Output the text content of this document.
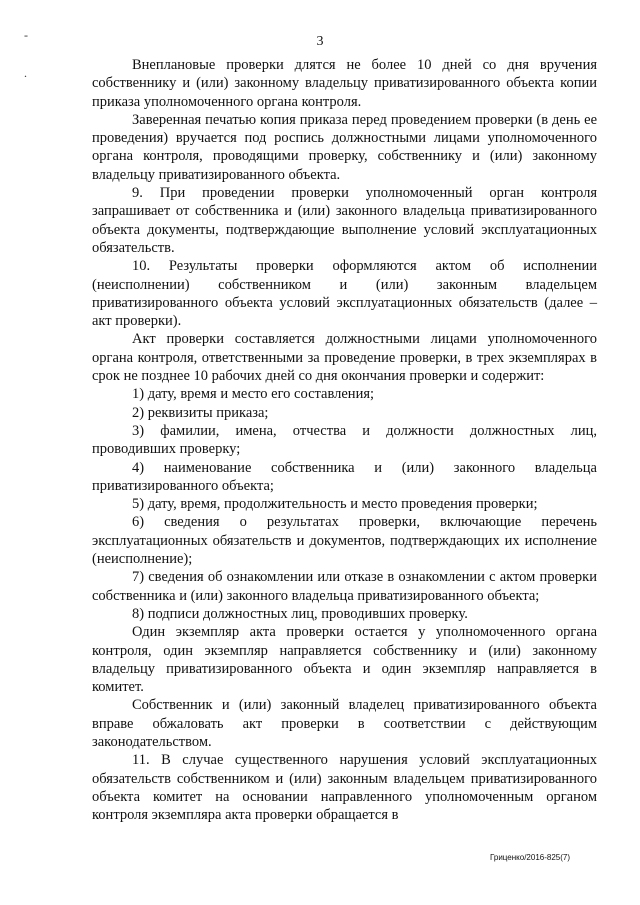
3
-
.	Внеплановые проверки длятся не более 10 дней со дня вручения собственнику и (или) законному владельцу приватизированного объекта копии приказа уполномоченного органа контроля.

Заверенная печатью копия приказа перед проведением проверки (в день ее проведения) вручается под роспись должностными лицами уполномоченного органа контроля, проводящими проверку, собственнику и (или) законному владельцу приватизированного объекта.

9. При проведении проверки уполномоченный орган контроля запрашивает от собственника и (или) законного владельца приватизированного объекта документы, подтверждающие выполнение условий эксплуатационных обязательств.

10. Результаты проверки оформляются актом об исполнении (неисполнении) собственником и (или) законным владельцем приватизированного объекта условий эксплуатационных обязательств (далее – акт проверки).

Акт проверки составляется должностными лицами уполномоченного органа контроля, ответственными за проведение проверки, в трех экземплярах в срок не позднее 10 рабочих дней со дня окончания проверки и содержит:

1) дату, время и место его составления;

2) реквизиты приказа;

3) фамилии, имена, отчества и должности должностных лиц, проводивших проверку;

4) наименование собственника и (или) законного владельца приватизированного объекта;

5) дату, время, продолжительность и место проведения проверки;

6) сведения о результатах проверки, включающие перечень эксплуатационных обязательств и документов, подтверждающих их исполнение (неисполнение);

7) сведения об ознакомлении или отказе в ознакомлении с актом проверки собственника и (или) законного владельца приватизированного объекта;

8) подписи должностных лиц, проводивших проверку.

Один экземпляр акта проверки остается у уполномоченного органа контроля, один экземпляр направляется собственнику и (или) законному владельцу приватизированного объекта и один экземпляр направляется в комитет.

Собственник и (или) законный владелец приватизированного объекта вправе обжаловать акт проверки в соответствии с действующим законодательством.

11. В случае существенного нарушения условий эксплуатационных обязательств собственником и (или) законным владельцем приватизированного объекта комитет на основании направленного уполномоченным органом контроля экземпляра акта проверки обращается в

Гриценко/2016-825(7)
